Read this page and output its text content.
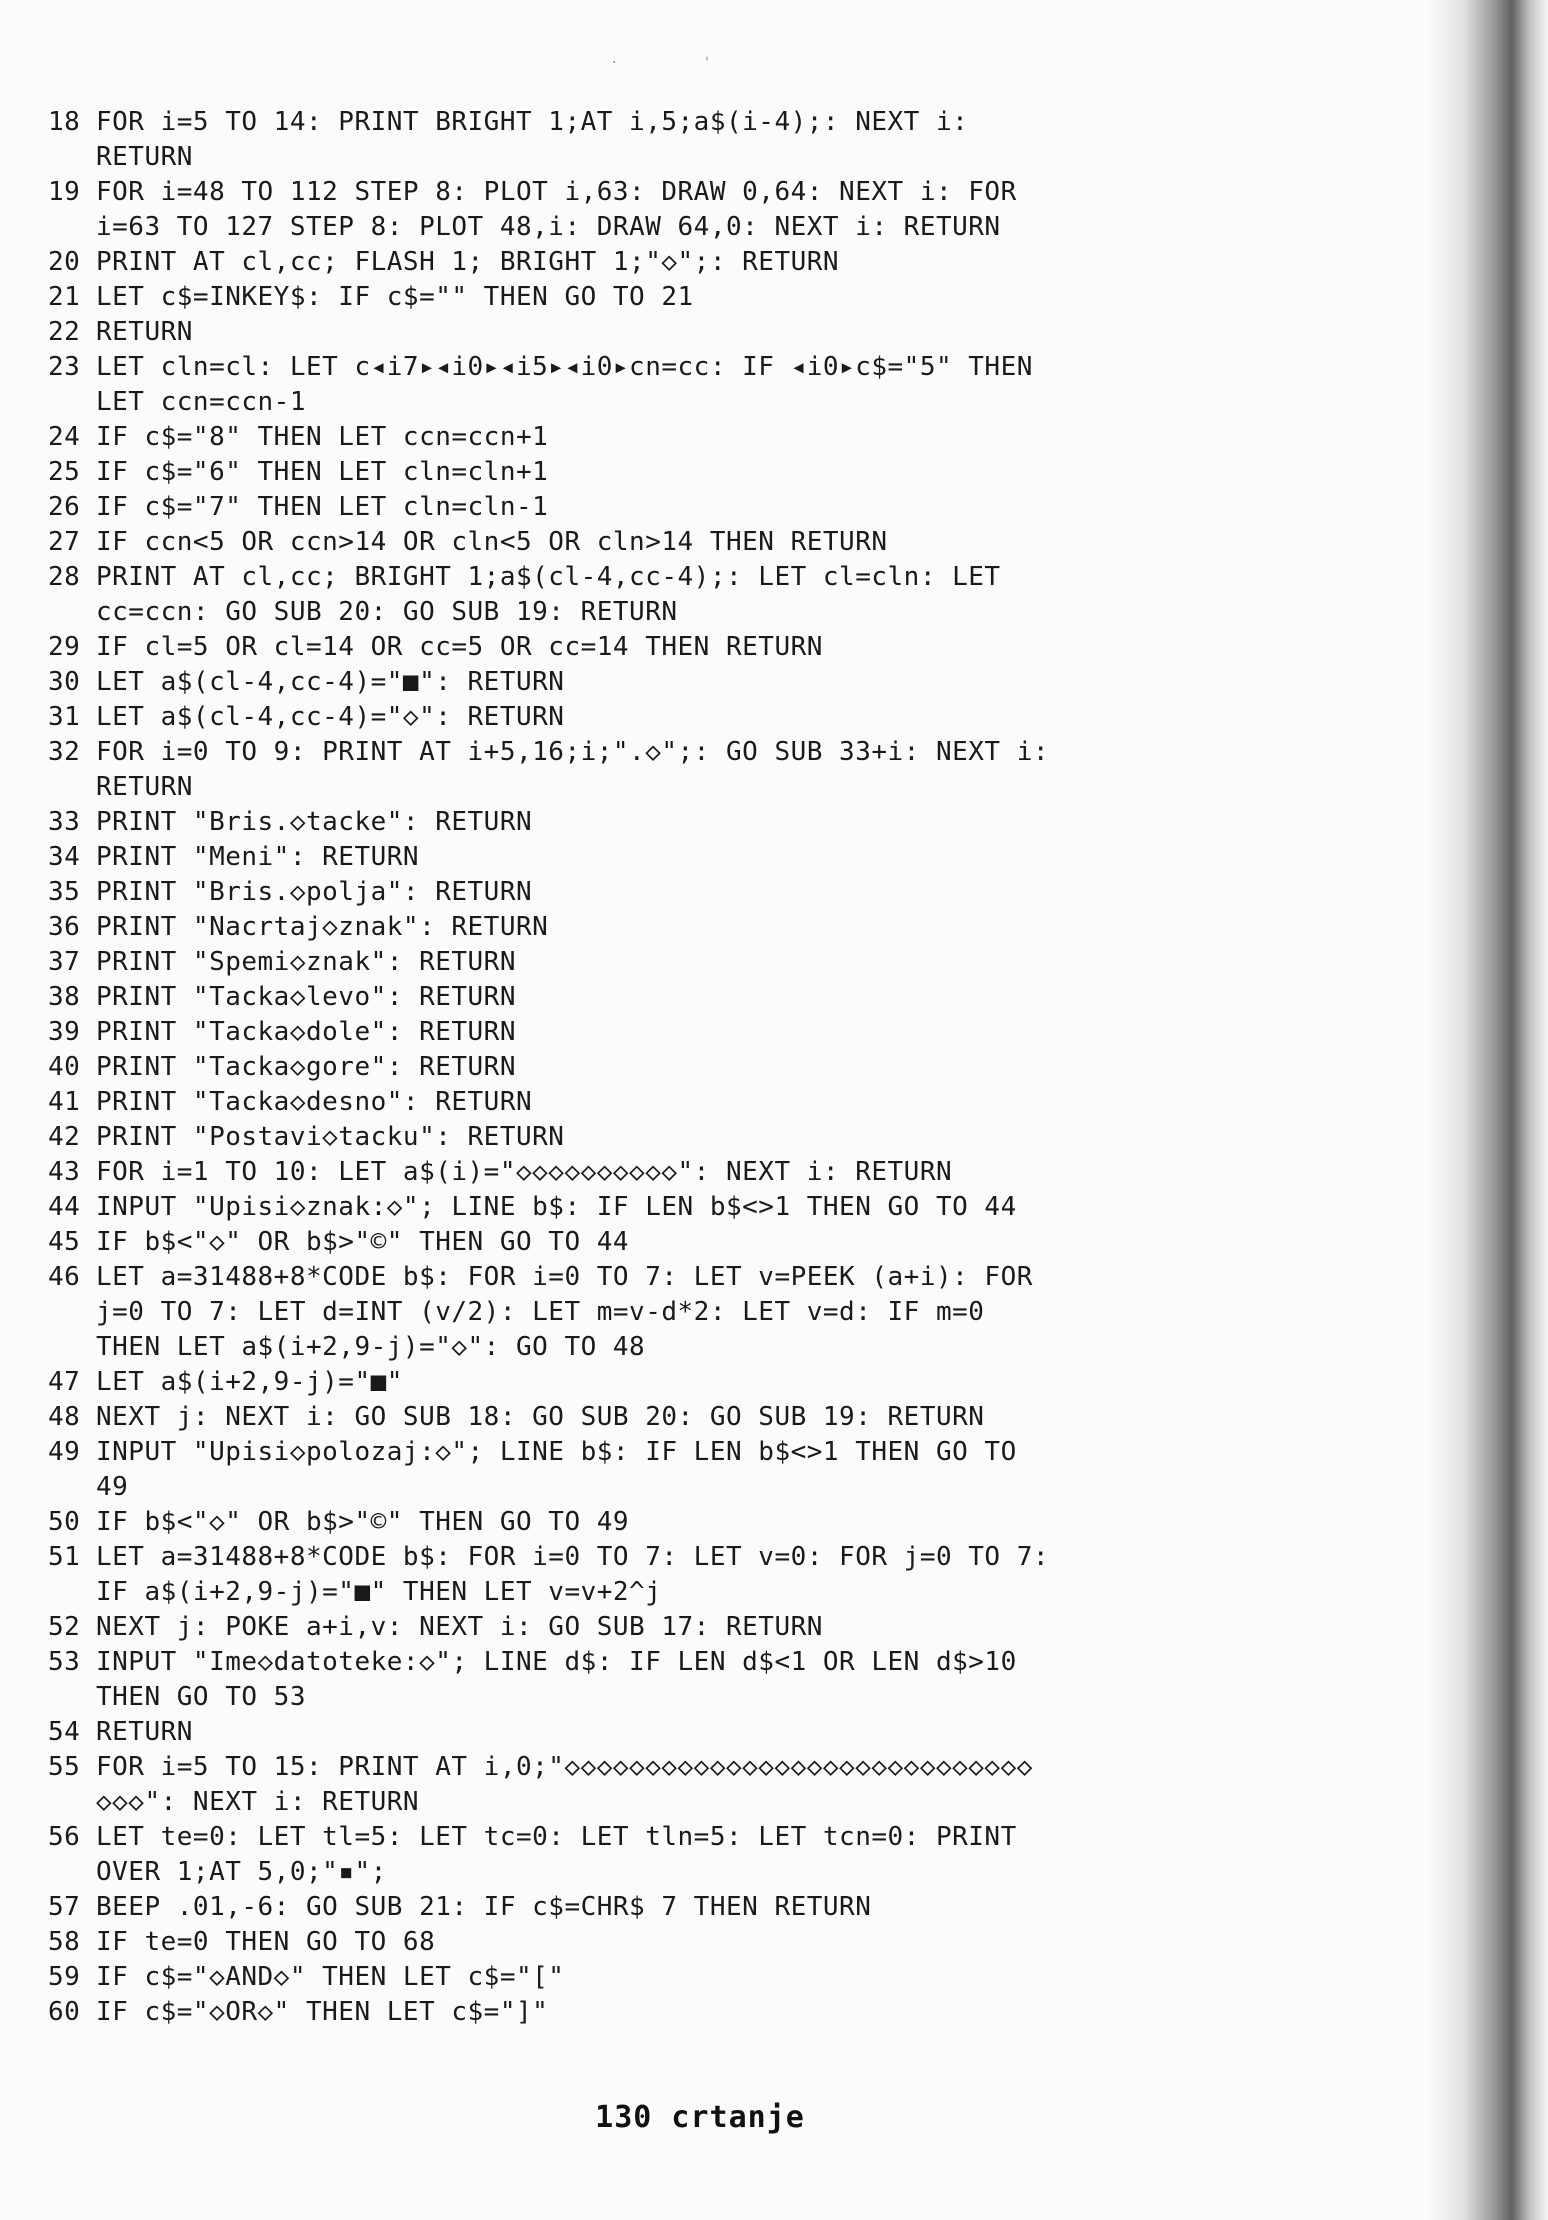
·          '
18 FOR i=5 TO 14: PRINT BRIGHT 1;AT i,5;a$(i-4);: NEXT i:
RETURN
19 FOR i=48 TO 112 STEP 8: PLOT i,63: DRAW 0,64: NEXT i: FOR
i=63 TO 127 STEP 8: PLOT 48,i: DRAW 64,0: NEXT i: RETURN
20 PRINT AT cl,cc; FLASH 1; BRIGHT 1;"◇";: RETURN
21 LET c$=INKEY$: IF c$="" THEN GO TO 21
22 RETURN
23 LET cln=cl: LET c◂i7▸◂i0▸◂i5▸◂i0▸cn=cc: IF ◂i0▸c$="5" THEN
LET ccn=ccn-1
24 IF c$="8" THEN LET ccn=ccn+1
25 IF c$="6" THEN LET cln=cln+1
26 IF c$="7" THEN LET cln=cln-1
27 IF ccn<5 OR ccn>14 OR cln<5 OR cln>14 THEN RETURN
28 PRINT AT cl,cc; BRIGHT 1;a$(cl-4,cc-4);: LET cl=cln: LET
cc=ccn: GO SUB 20: GO SUB 19: RETURN
29 IF cl=5 OR cl=14 OR cc=5 OR cc=14 THEN RETURN
30 LET a$(cl-4,cc-4)="■": RETURN
31 LET a$(cl-4,cc-4)="◇": RETURN
32 FOR i=0 TO 9: PRINT AT i+5,16;i;".◇";: GO SUB 33+i: NEXT i:
RETURN
33 PRINT "Bris.◇tacke": RETURN
34 PRINT "Meni": RETURN
35 PRINT "Bris.◇polja": RETURN
36 PRINT "Nacrtaj◇znak": RETURN
37 PRINT "Spemi◇znak": RETURN
38 PRINT "Tacka◇levo": RETURN
39 PRINT "Tacka◇dole": RETURN
40 PRINT "Tacka◇gore": RETURN
41 PRINT "Tacka◇desno": RETURN
42 PRINT "Postavi◇tacku": RETURN
43 FOR i=1 TO 10: LET a$(i)="◇◇◇◇◇◇◇◇◇◇": NEXT i: RETURN
44 INPUT "Upisi◇znak:◇"; LINE b$: IF LEN b$<>1 THEN GO TO 44
45 IF b$<"◇" OR b$>"©" THEN GO TO 44
46 LET a=31488+8*CODE b$: FOR i=0 TO 7: LET v=PEEK (a+i): FOR
j=0 TO 7: LET d=INT (v/2): LET m=v-d*2: LET v=d: IF m=0
THEN LET a$(i+2,9-j)="◇": GO TO 48
47 LET a$(i+2,9-j)="■"
48 NEXT j: NEXT i: GO SUB 18: GO SUB 20: GO SUB 19: RETURN
49 INPUT "Upisi◇polozaj:◇"; LINE b$: IF LEN b$<>1 THEN GO TO
49
50 IF b$<"◇" OR b$>"©" THEN GO TO 49
51 LET a=31488+8*CODE b$: FOR i=0 TO 7: LET v=0: FOR j=0 TO 7:
IF a$(i+2,9-j)="■" THEN LET v=v+2^j
52 NEXT j: POKE a+i,v: NEXT i: GO SUB 17: RETURN
53 INPUT "Ime◇datoteke:◇"; LINE d$: IF LEN d$<1 OR LEN d$>10
THEN GO TO 53
54 RETURN
55 FOR i=5 TO 15: PRINT AT i,0;"◇◇◇◇◇◇◇◇◇◇◇◇◇◇◇◇◇◇◇◇◇◇◇◇◇◇◇◇◇
◇◇◇": NEXT i: RETURN
56 LET te=0: LET tl=5: LET tc=0: LET tln=5: LET tcn=0: PRINT
OVER 1;AT 5,0;"▪";
57 BEEP .01,-6: GO SUB 21: IF c$=CHR$ 7 THEN RETURN
58 IF te=0 THEN GO TO 68
59 IF c$="◇AND◇" THEN LET c$="["
60 IF c$="◇OR◇" THEN LET c$="]"
130 crtanje
